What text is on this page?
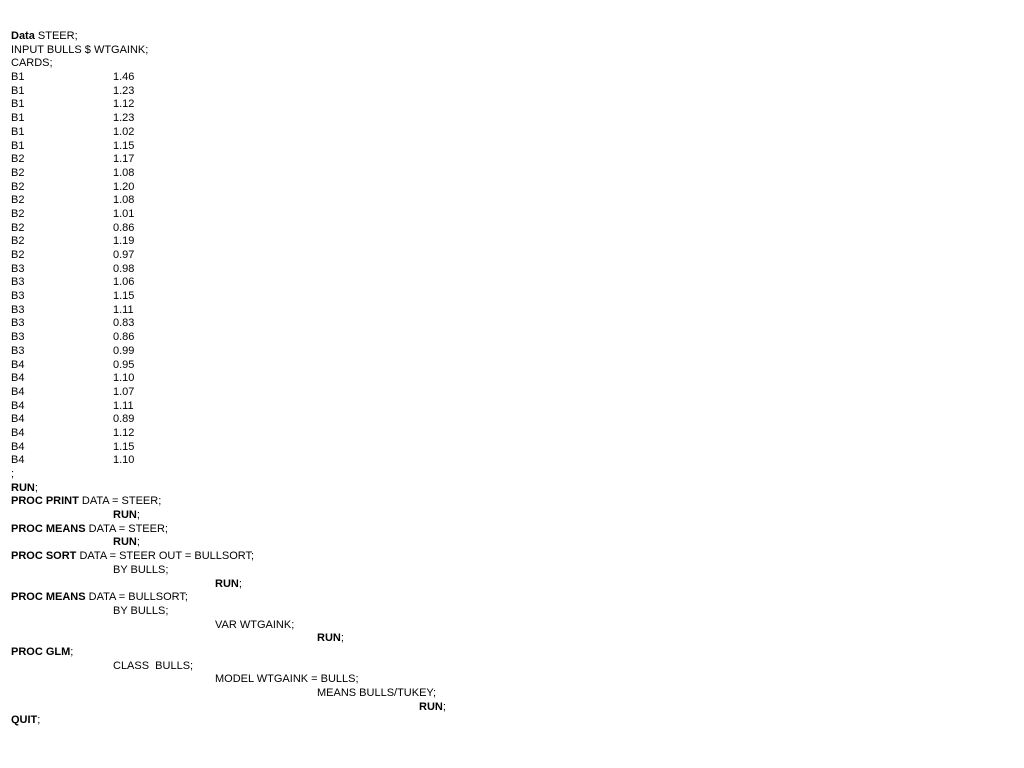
Data STEER;
INPUT BULLS $ WTGAINK;
CARDS;
B1	1.46
B1	1.23
B1	1.12
B1	1.23
B1	1.02
B1	1.15
B2	1.17
B2	1.08
B2	1.20
B2	1.08
B2	1.01
B2	0.86
B2	1.19
B2	0.97
B3	0.98
B3	1.06
B3	1.15
B3	1.11
B3	0.83
B3	0.86
B3	0.99
B4	0.95
B4	1.10
B4	1.07
B4	1.11
B4	0.89
B4	1.12
B4	1.15
B4	1.10
;
RUN;
PROC PRINT DATA = STEER;
RUN;
PROC MEANS DATA = STEER;
RUN;
PROC SORT DATA = STEER OUT = BULLSORT;
BY BULLS;
RUN;
PROC MEANS DATA = BULLSORT;
BY BULLS;
VAR WTGAINK;
RUN;
PROC GLM;
CLASS  BULLS;
MODEL WTGAINK = BULLS;
MEANS BULLS/TUKEY;
RUN;
QUIT;
